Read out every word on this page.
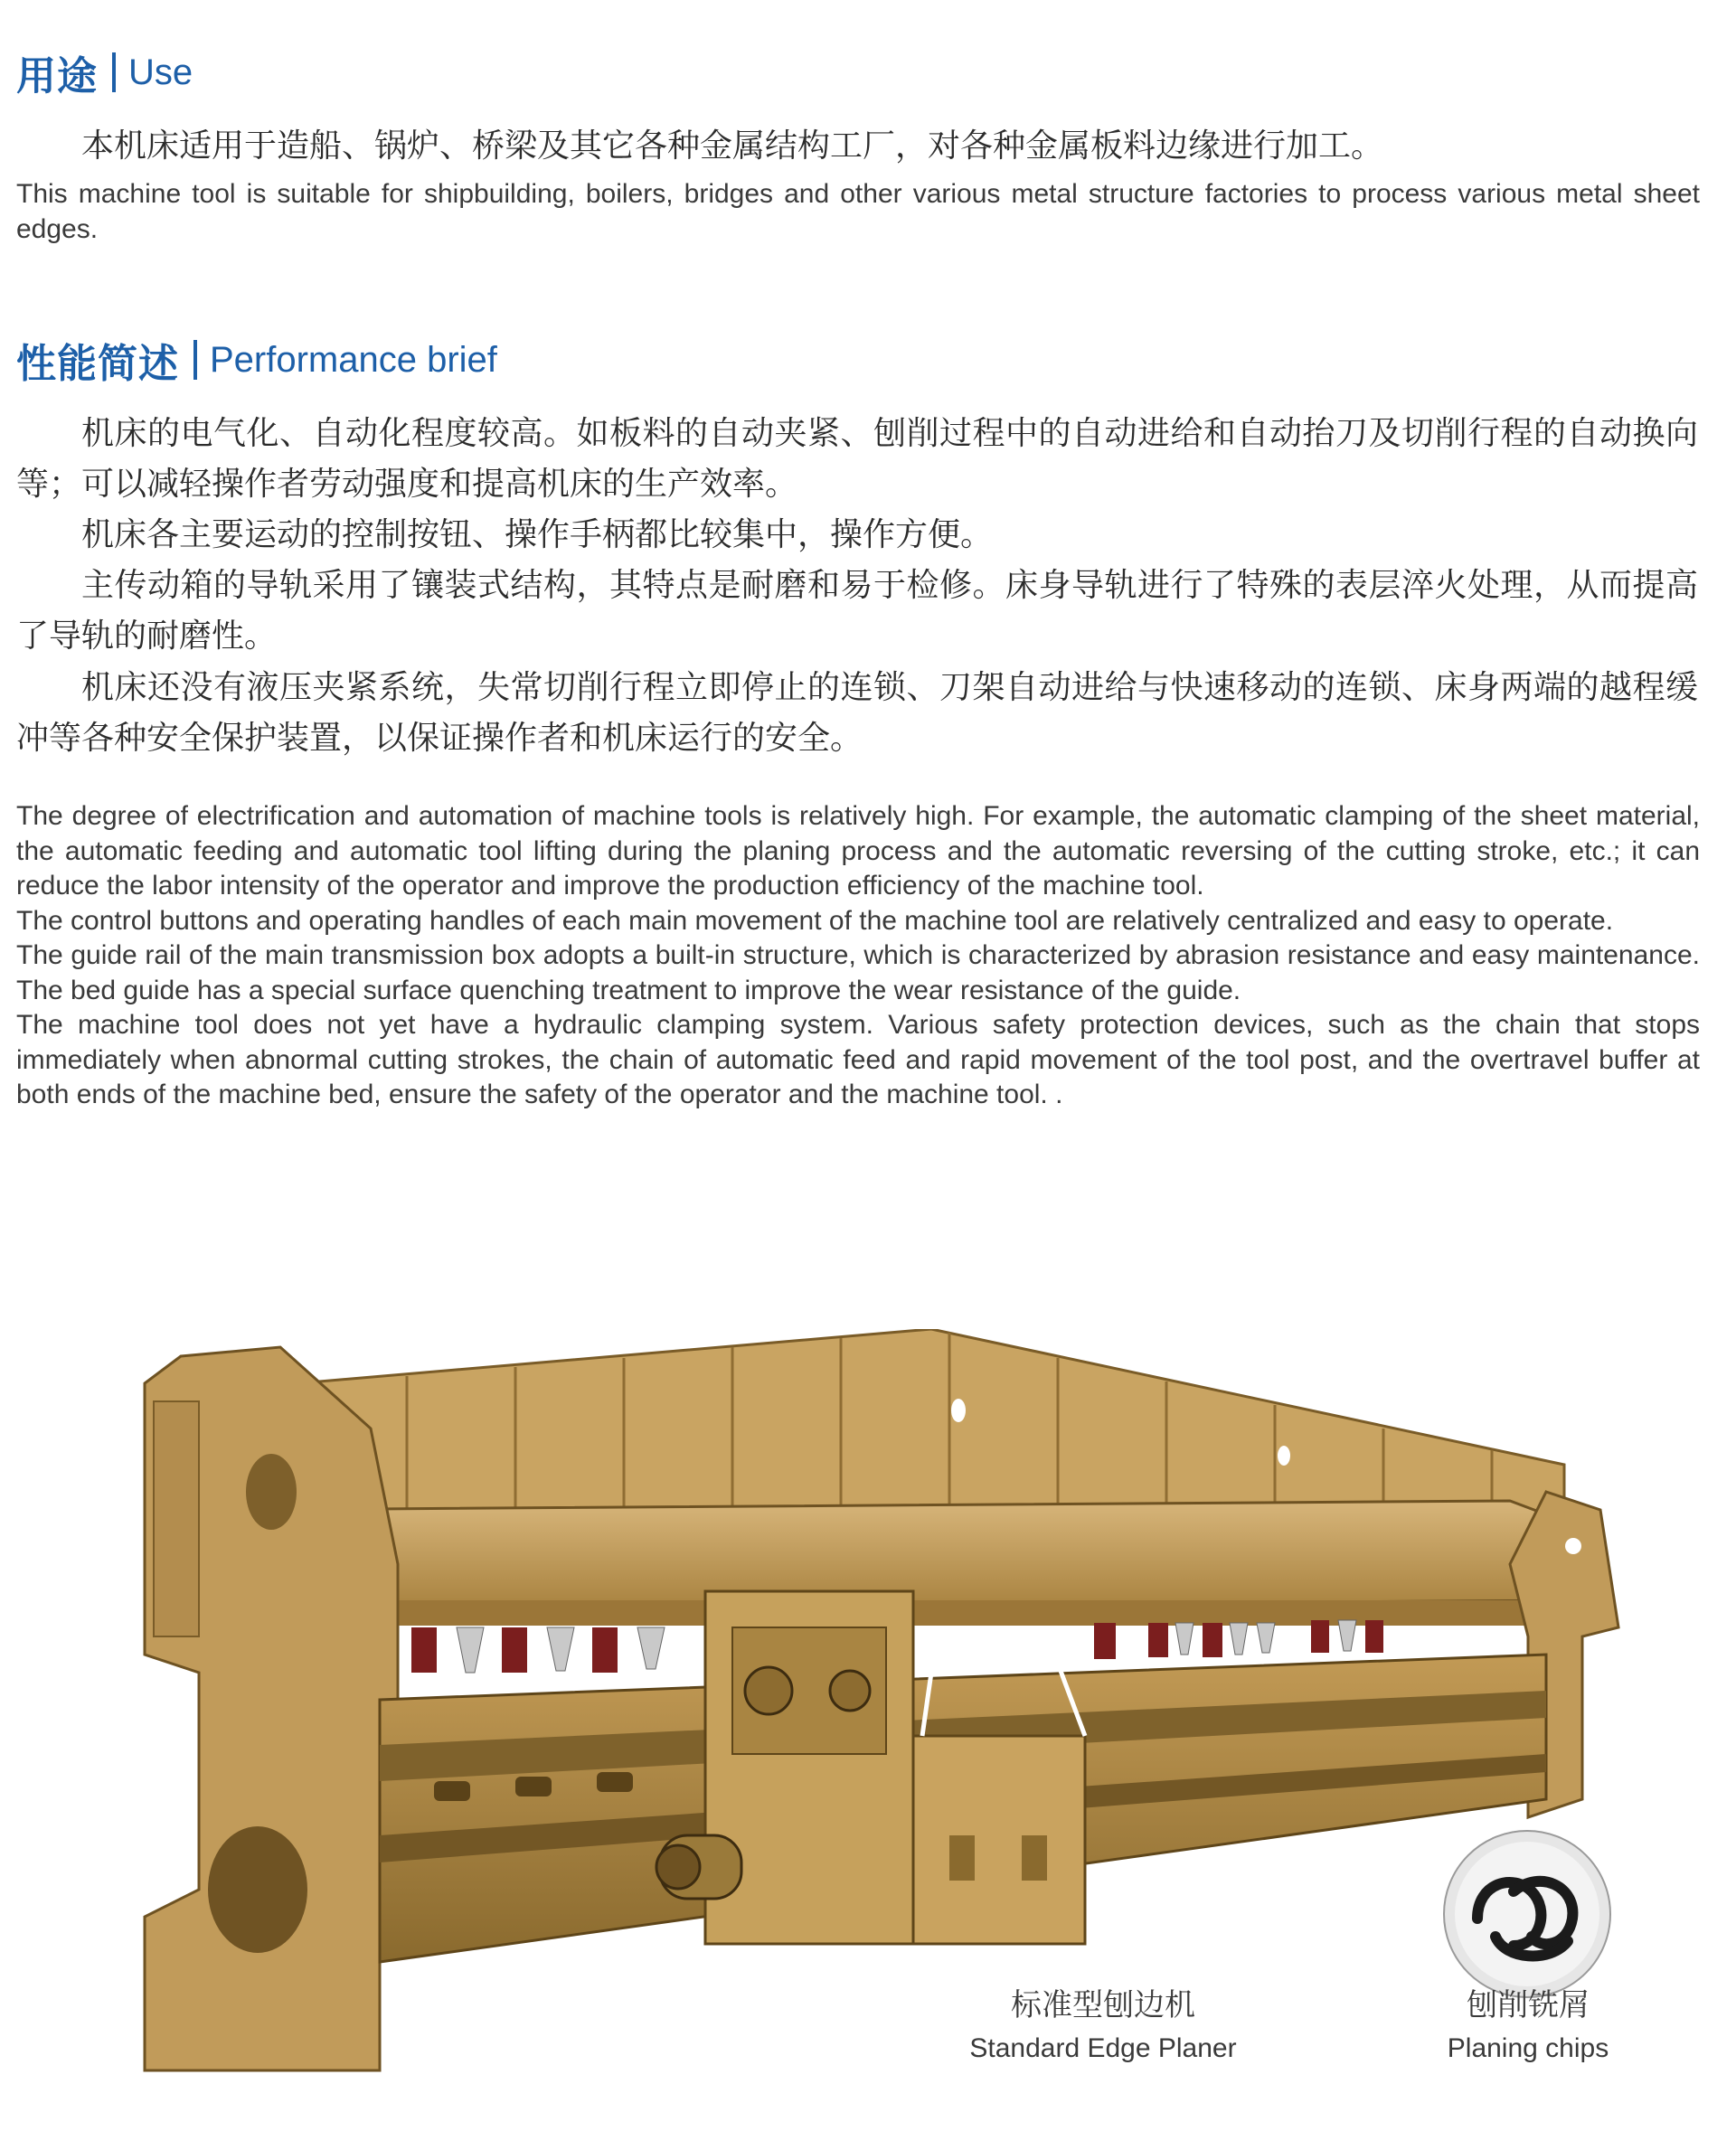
用途 Use

本机床适用于造船、锅炉、桥梁及其它各种金属结构工厂，对各种金属板料边缘进行加工。

This machine tool is suitable for shipbuilding, boilers, bridges and other various metal structure factories to process various metal sheet edges.

性能简述 Performance brief

机床的电气化、自动化程度较高。如板料的自动夹紧、刨削过程中的自动进给和自动抬刀及切削行程的自动换向等；可以减轻操作者劳动强度和提高机床的生产效率。

机床各主要运动的控制按钮、操作手柄都比较集中，操作方便。

主传动箱的导轨采用了镶装式结构，其特点是耐磨和易于检修。床身导轨进行了特殊的表层淬火处理，从而提高了导轨的耐磨性。

机床还没有液压夹紧系统，失常切削行程立即停止的连锁、刀架自动进给与快速移动的连锁、床身两端的越程缓冲等各种安全保护装置，以保证操作者和机床运行的安全。

The degree of electrification and automation of machine tools is relatively high. For example, the automatic clamping of the sheet material, the automatic feeding and automatic tool lifting during the planing process and the automatic reversing of the cutting stroke, etc.; it can reduce the labor intensity of the operator and improve the production efficiency of the machine tool.

The control buttons and operating handles of each main movement of the machine tool are relatively centralized and easy to operate.

The guide rail of the main transmission box adopts a built-in structure, which is characterized by abrasion resistance and easy maintenance. The bed guide has a special surface quenching treatment to improve the wear resistance of the guide.

The machine tool does not yet have a hydraulic clamping system. Various safety protection devices, such as the chain that stops immediately when abnormal cutting strokes, the chain of automatic feed and rapid movement of the tool post, and the overtravel buffer at both ends of the machine bed, ensure the safety of the operator and the machine tool. .

标准型刨边机
Standard Edge Planer
刨削铣屑
Planing chips
